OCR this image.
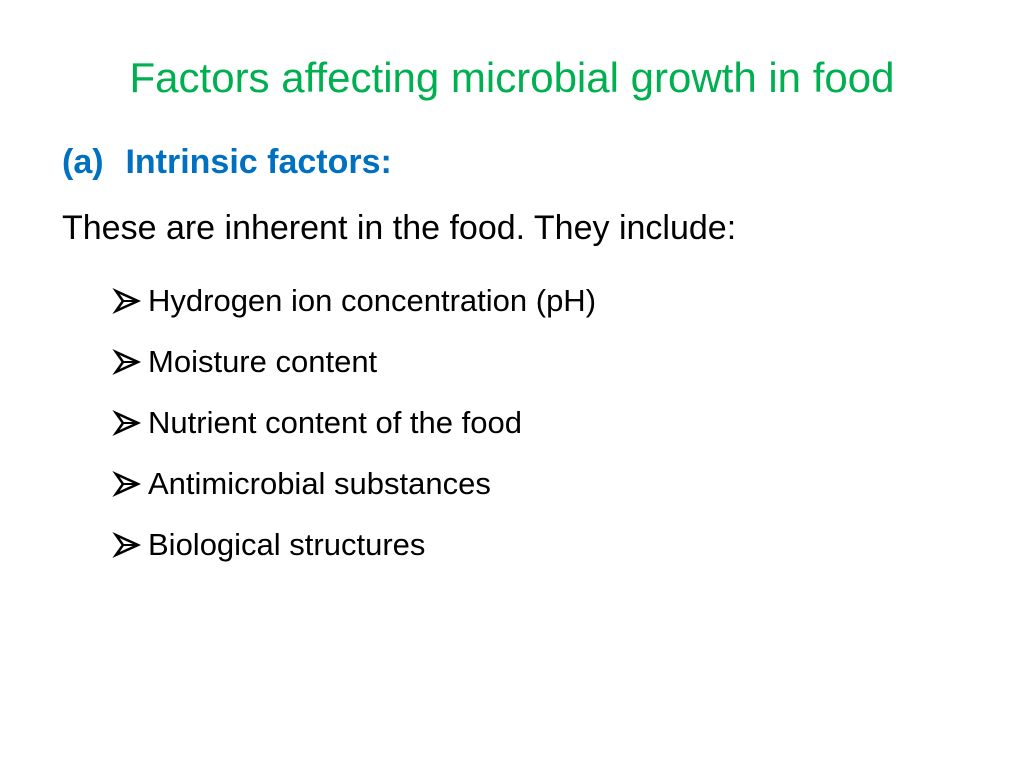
Factors affecting microbial growth in food
(a) Intrinsic factors:
These are inherent in the food. They include:
Hydrogen ion concentration (pH)
Moisture content
Nutrient content of the food
Antimicrobial substances
Biological structures
